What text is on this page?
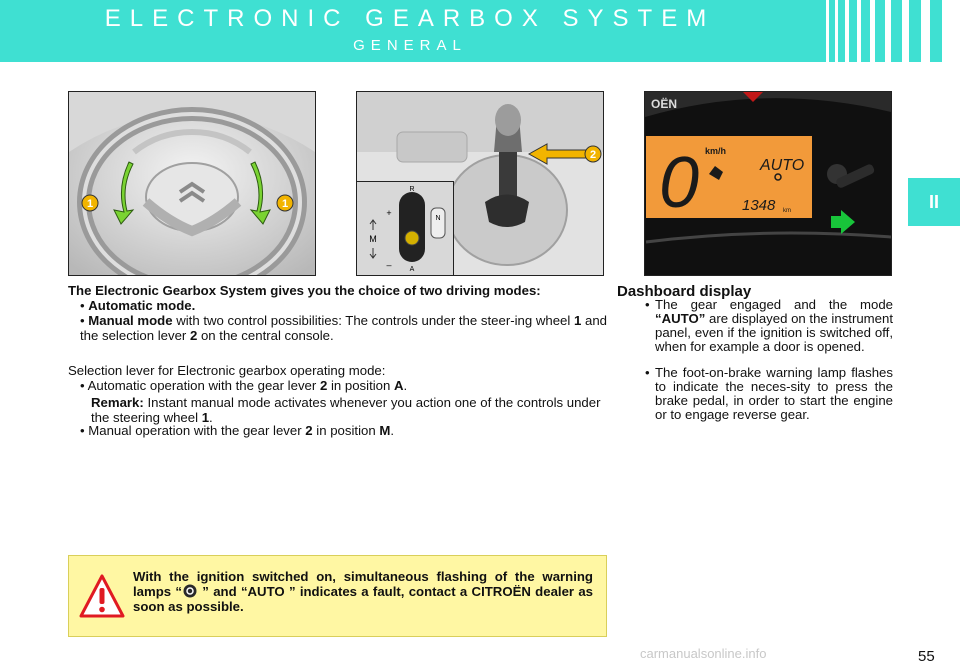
ELECTRONIC GEARBOX SYSTEM
GENERAL
II
1	1
2
R
N
+
M
–	A
OËN
0 km/h
AUTO
1348 km
The Electronic Gearbox System gives you the choice of two driving modes:
• Automatic mode.
• Manual mode with two control possibilities: The controls under the steer-ing wheel 1 and the selection lever 2 on the central console.
Selection lever for Electronic gearbox operating mode:
• Automatic operation with the gear lever 2 in position A.
Remark: Instant manual mode activates whenever you action one of the controls under the steering wheel 1.
• Manual operation with the gear lever 2 in position M.
Dashboard display
• The gear engaged and the mode “AUTO” are displayed on the instrument panel, even if the ignition is switched off, when for example a door is opened.
• The foot-on-brake warning lamp flashes to indicate the neces-sity to press the brake pedal, in order to start the engine or to engage reverse gear.
With the ignition switched on, simultaneous flashing of the warning lamps “ ” and “AUTO ” indicates a fault, contact a CITROËN dealer as soon as possible.
55
carmanualsonline.info
